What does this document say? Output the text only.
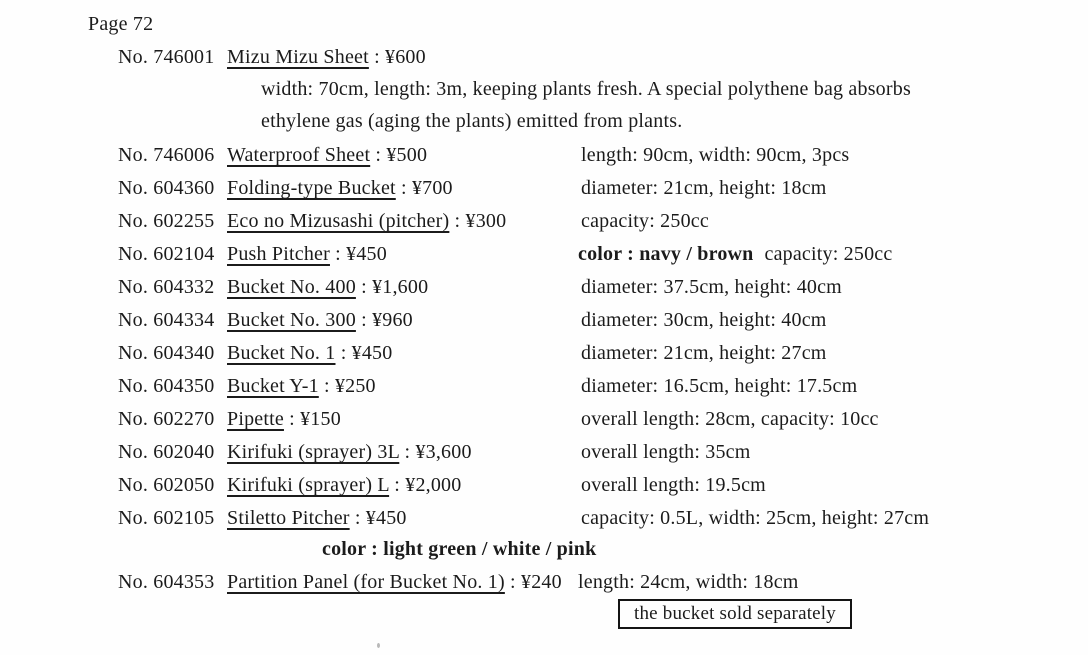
Page 72
No. 746001 Mizu Mizu Sheet : ¥600
width: 70cm, length: 3m, keeping plants fresh. A special polythene bag absorbs
ethylene gas (aging the plants) emitted from plants.
No. 746006 Waterproof Sheet : ¥500	length: 90cm, width: 90cm, 3pcs
No. 604360 Folding-type Bucket : ¥700	diameter: 21cm, height: 18cm
No. 602255 Eco no Mizusashi (pitcher) : ¥300	capacity: 250cc
No. 602104 Push Pitcher : ¥450	color : navy / brown capacity: 250cc
No. 604332 Bucket No. 400 : ¥1,600	diameter: 37.5cm, height: 40cm
No. 604334 Bucket No. 300 : ¥960	diameter: 30cm, height: 40cm
No. 604340 Bucket No. 1 : ¥450	diameter: 21cm, height: 27cm
No. 604350 Bucket Y-1 : ¥250	diameter: 16.5cm, height: 17.5cm
No. 602270 Pipette : ¥150	overall length: 28cm, capacity: 10cc
No. 602040 Kirifuki (sprayer) 3L : ¥3,600	overall length: 35cm
No. 602050 Kirifuki (sprayer) L : ¥2,000	overall length: 19.5cm
No. 602105 Stiletto Pitcher : ¥450	capacity: 0.5L, width: 25cm, height: 27cm
color : light green / white / pink
No. 604353 Partition Panel (for Bucket No. 1) : ¥240 length: 24cm, width: 18cm
the bucket sold separately
